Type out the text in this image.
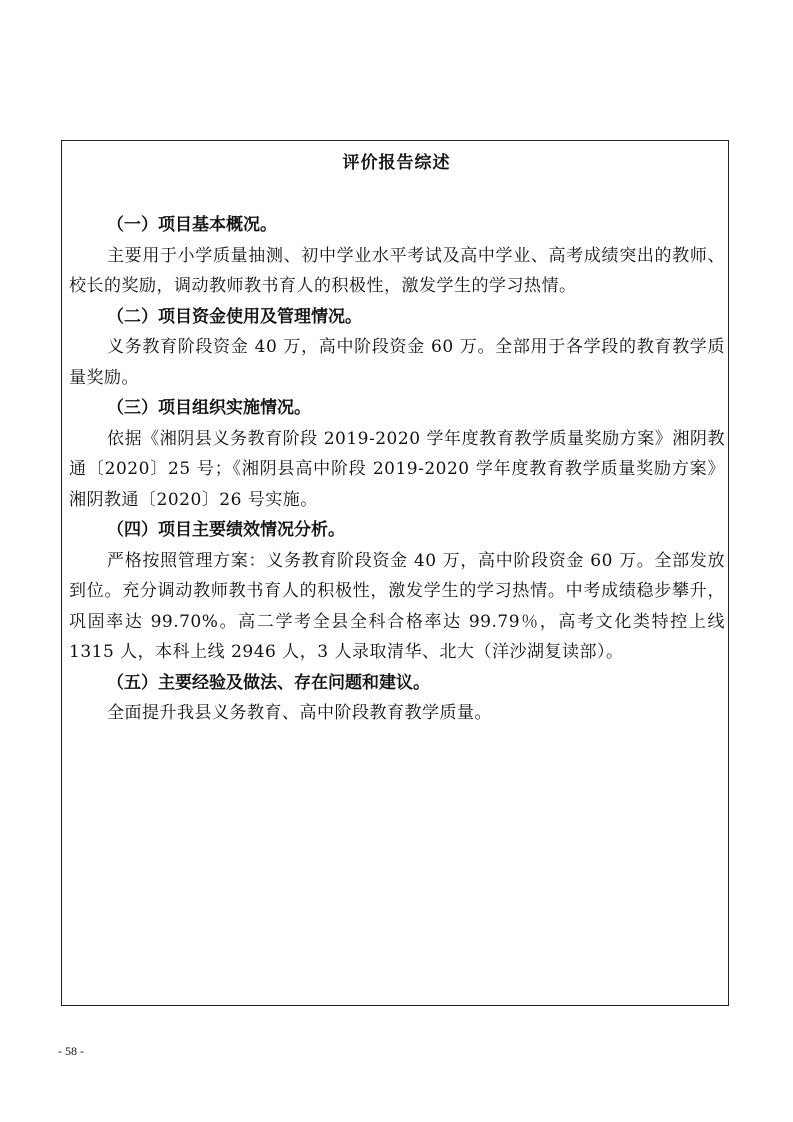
评价报告综述

（一）项目基本概况。

主要用于小学质量抽测、初中学业水平考试及高中学业、高考成绩突出的教师、校长的奖励，调动教师教书育人的积极性，激发学生的学习热情。

（二）项目资金使用及管理情况。

义务教育阶段资金 40 万，高中阶段资金 60 万。全部用于各学段的教育教学质量奖励。

（三）项目组织实施情况。

依据《湘阴县义务教育阶段 2019-2020 学年度教育教学质量奖励方案》湘阴教通〔2020〕25 号；《湘阴县高中阶段 2019-2020 学年度教育教学质量奖励方案》湘阴教通〔2020〕26 号实施。

（四）项目主要绩效情况分析。

严格按照管理方案：义务教育阶段资金 40 万，高中阶段资金 60 万。全部发放到位。充分调动教师教书育人的积极性，激发学生的学习热情。中考成绩稳步攀升，巩固率达 99.70%。高二学考全县全科合格率达 99.79％，高考文化类特控上线 1315 人，本科上线 2946 人，3 人录取清华、北大（洋沙湖复读部）。

（五）主要经验及做法、存在问题和建议。

全面提升我县义务教育、高中阶段教育教学质量。

- 58 -
